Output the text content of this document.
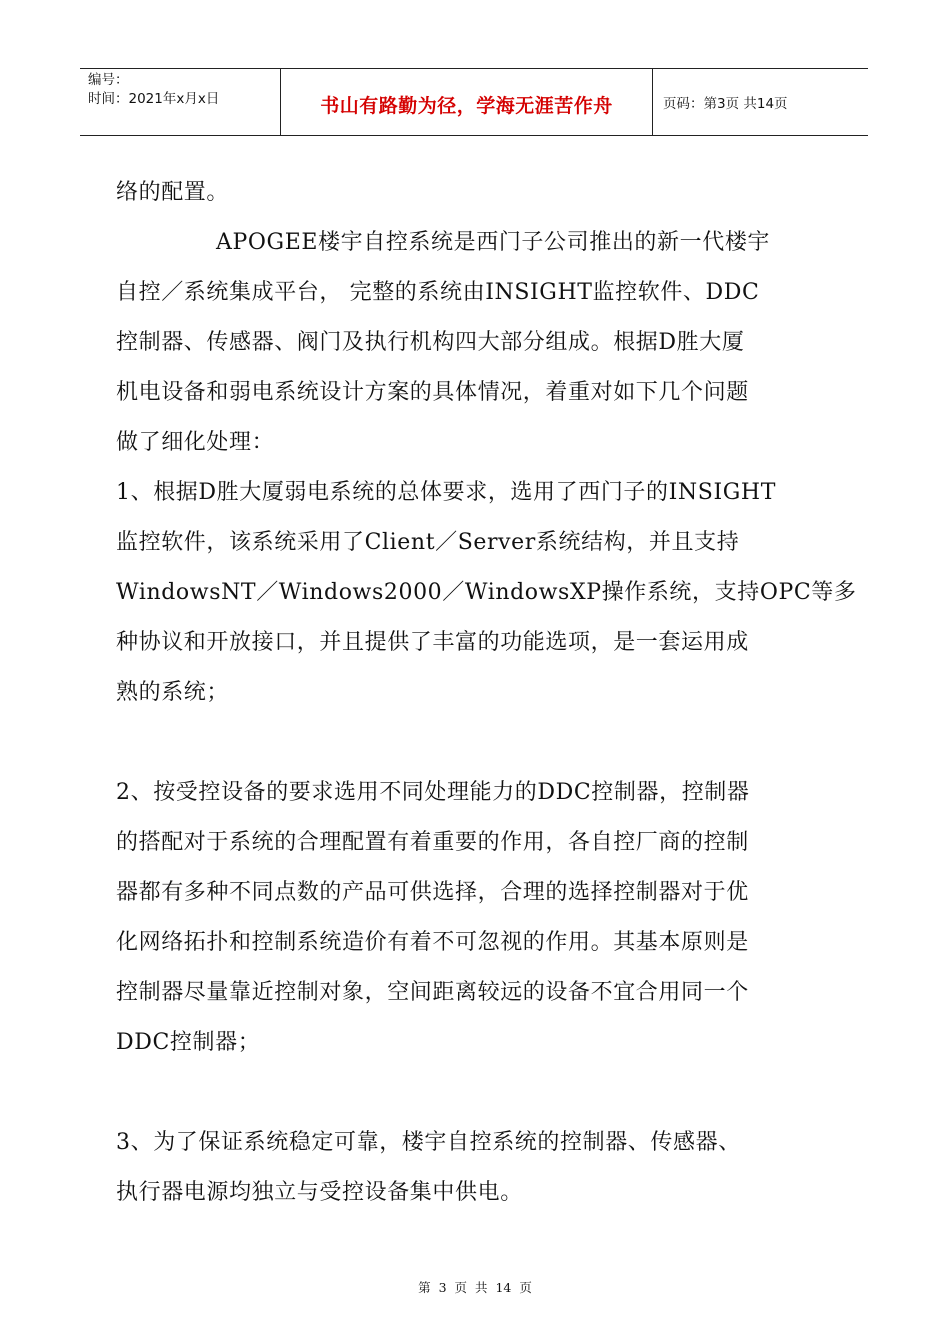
编号：
时间：2021年x月x日	书山有路勤为径，学海无涯苦作舟	页码：第3页 共14页
络的配置。
APOGEE楼宇自控系统是西门子公司推出的新一代楼宇
自控／系统集成平台， 完整的系统由INSIGHT监控软件、DDC
控制器、传感器、阀门及执行机构四大部分组成。根据D胜大厦
机电设备和弱电系统设计方案的具体情况，着重对如下几个问题
做了细化处理：
1、根据D胜大厦弱电系统的总体要求，选用了西门子的INSIGHT
监控软件，该系统采用了Client／Server系统结构，并且支持
WindowsNT／Windows2000／WindowsXP操作系统，支持OPC等多
种协议和开放接口，并且提供了丰富的功能选项，是一套运用成
熟的系统；
2、按受控设备的要求选用不同处理能力的DDC控制器，控制器
的搭配对于系统的合理配置有着重要的作用，各自控厂商的控制
器都有多种不同点数的产品可供选择，合理的选择控制器对于优
化网络拓扑和控制系统造价有着不可忽视的作用。其基本原则是
控制器尽量靠近控制对象，空间距离较远的设备不宜合用同一个
DDC控制器；
3、为了保证系统稳定可靠，楼宇自控系统的控制器、传感器、
执行器电源均独立与受控设备集中供电。
第 3 页 共 14 页
